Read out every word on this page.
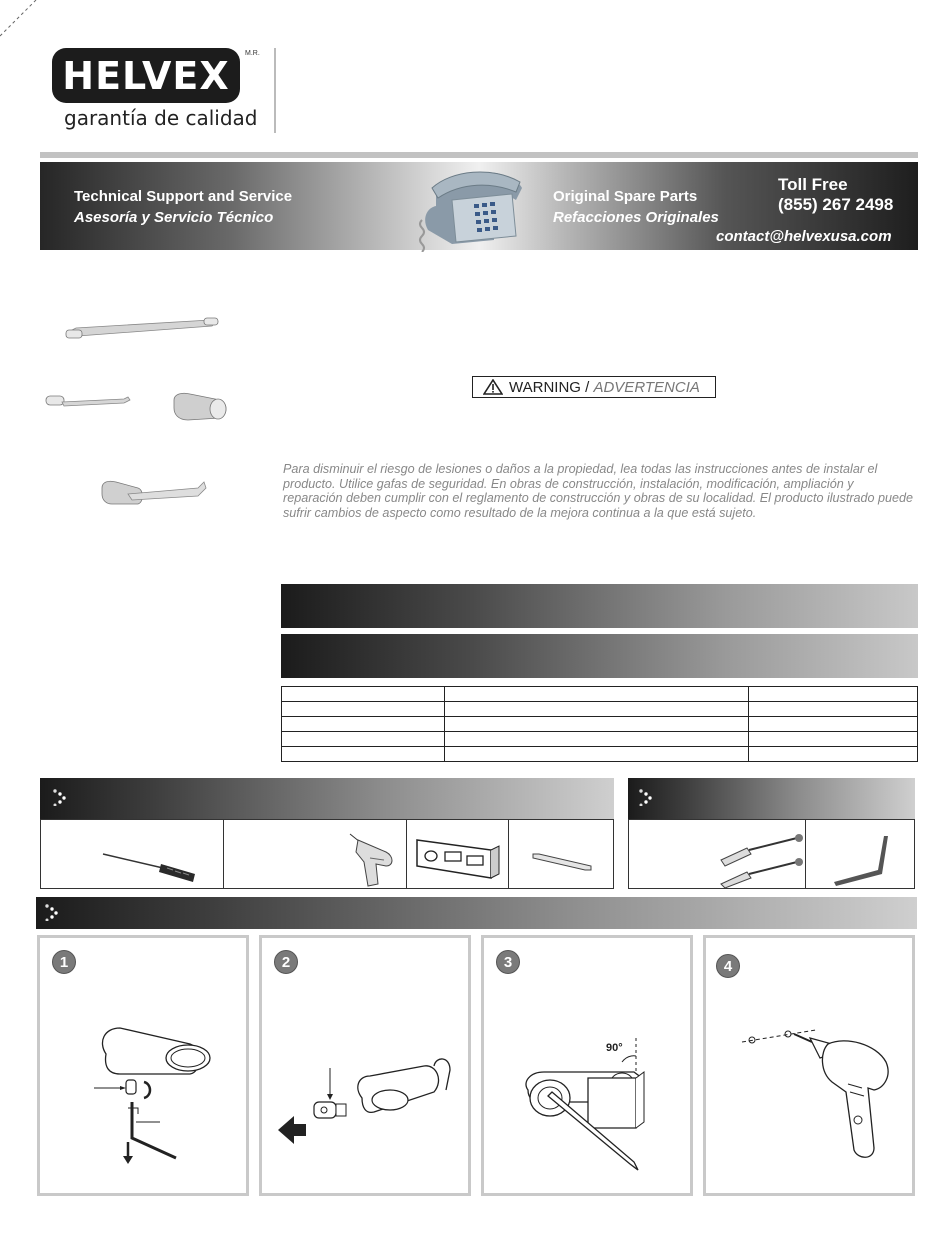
HELVEX M.R.
garantía de calidad
Technical Support and Service
Asesoría y Servicio Técnico
Original Spare Parts
Refacciones Originales
Toll Free
(855) 267 2498
contact@helvexusa.com
WARNING / ADVERTENCIA
Para disminuir el riesgo de lesiones o daños a la propiedad, lea todas las instrucciones antes de instalar el producto. Utilice gafas de seguridad. En obras de construcción, instalación, modificación, ampliación y reparación deben cumplir con el reglamento de construcción y obras de su localidad. El producto ilustrado puede sufrir cambios de aspecto como resultado de la mejora continua a la que está sujeto.

1	2	3
90°
4
